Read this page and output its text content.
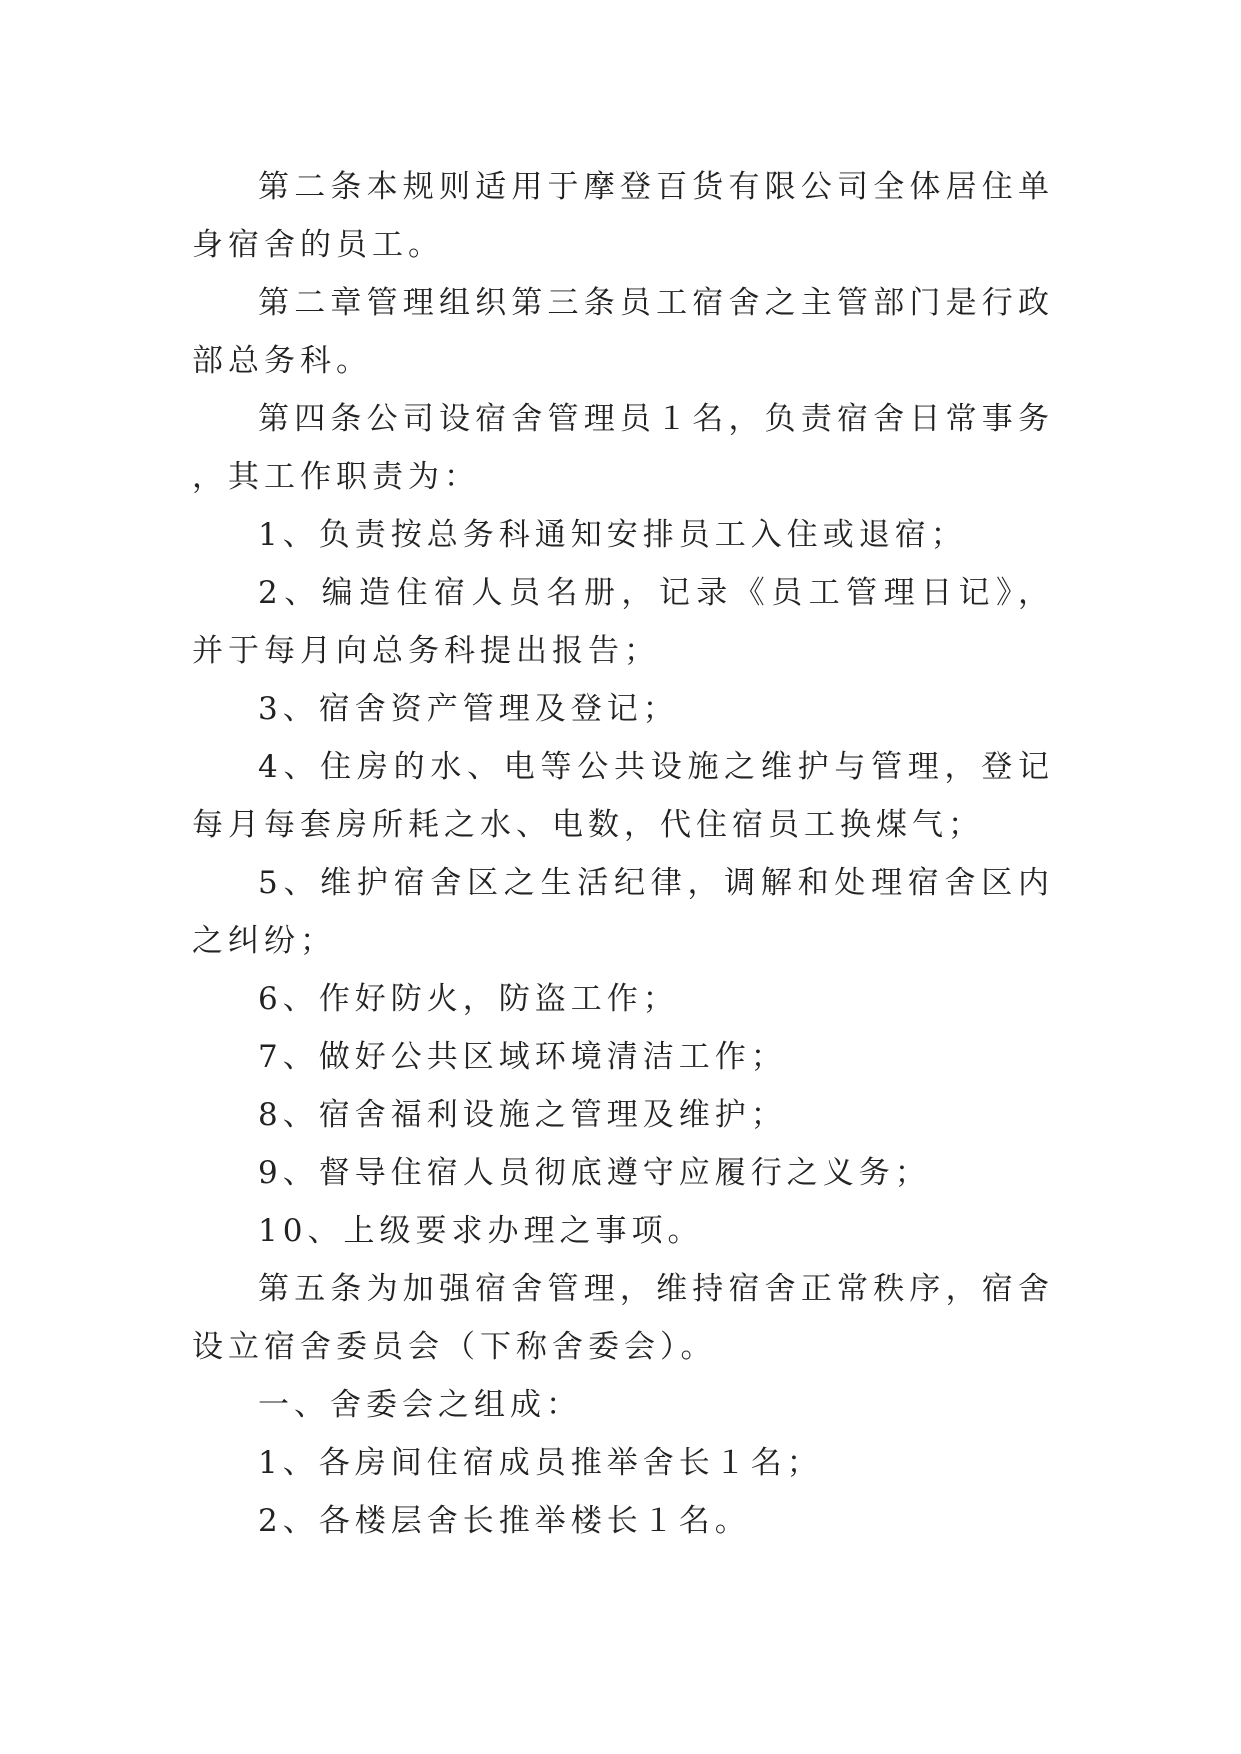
第二条本规则适用于摩登百货有限公司全体居住单身宿舍的员工。

第二章管理组织第三条员工宿舍之主管部门是行政部总务科。

第四条公司设宿舍管理员１名，负责宿舍日常事务，其工作职责为：

1、负责按总务科通知安排员工入住或退宿；

2、编造住宿人员名册，记录《员工管理日记》，并于每月向总务科提出报告；

3、宿舍资产管理及登记；

4、住房的水、电等公共设施之维护与管理，登记每月每套房所耗之水、电数，代住宿员工换煤气；

5、维护宿舍区之生活纪律，调解和处理宿舍区内之纠纷；

6、作好防火，防盗工作；

7、做好公共区域环境清洁工作；

8、宿舍福利设施之管理及维护；

9、督导住宿人员彻底遵守应履行之义务；

10、上级要求办理之事项。

第五条为加强宿舍管理，维持宿舍正常秩序，宿舍设立宿舍委员会（下称舍委会）。

一、舍委会之组成：

1、各房间住宿成员推举舍长１名；

2、各楼层舍长推举楼长１名。
